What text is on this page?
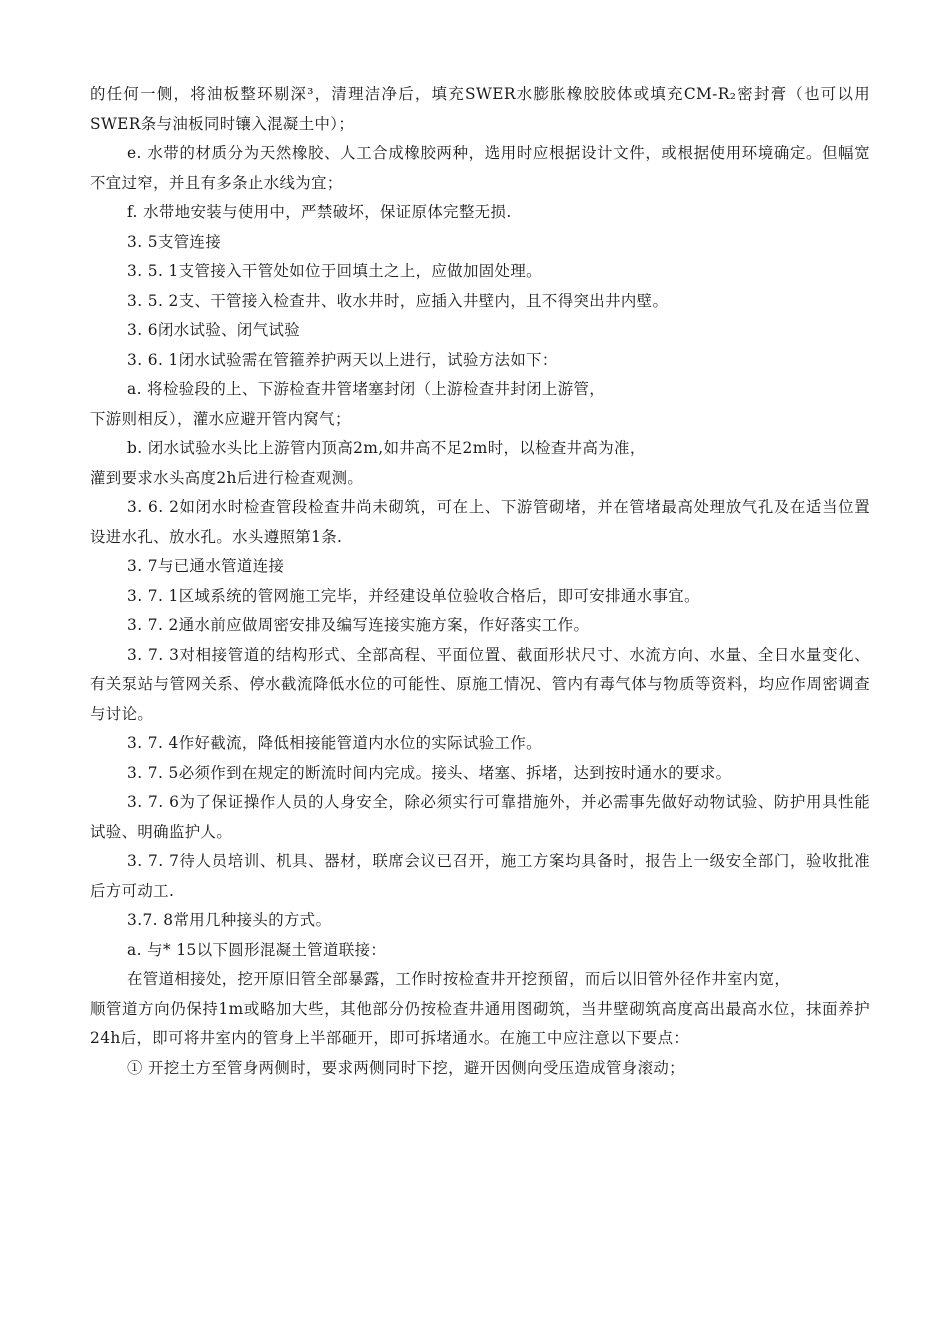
的任何一侧，将油板整环剔深³，清理洁净后，填充SWER水膨胀橡胶胶体或填充CM-R₂密封膏（也可以用SWER条与油板同时镶入混凝土中）；

e. 水带的材质分为天然橡胶、人工合成橡胶两种，选用时应根据设计文件，或根据使用环境确定。但幅宽不宜过窄，并且有多条止水线为宜；

f. 水带地安装与使用中，严禁破坏，保证原体完整无损.

3. 5支管连接

3. 5. 1支管接入干管处如位于回填土之上，应做加固处理。

3. 5. 2支、干管接入检查井、收水井时，应插入井壁内，且不得突出井内壁。

3. 6闭水试验、闭气试验

3. 6. 1闭水试验需在管箍养护两天以上进行，试验方法如下：

a. 将检验段的上、下游检查井管堵塞封闭（上游检查井封闭上游管，

下游则相反），灌水应避开管内窝气；

b. 闭水试验水头比上游管内顶高2m,如井高不足2m时，以检查井高为准，

灌到要求水头高度2h后进行检查观测。

3. 6. 2如闭水时检查管段检查井尚未砌筑，可在上、下游管砌堵，并在管堵最高处理放气孔及在适当位置设进水孔、放水孔。水头遵照第1条.

3. 7与已通水管道连接

3. 7. 1区域系统的管网施工完毕，并经建设单位验收合格后，即可安排通水事宜。

3. 7. 2通水前应做周密安排及编写连接实施方案，作好落实工作。

3. 7. 3对相接管道的结构形式、全部高程、平面位置、截面形状尺寸、水流方向、水量、全日水量变化、有关泵站与管网关系、停水截流降低水位的可能性、原施工情况、管内有毒气体与物质等资料，均应作周密调查与讨论。

3. 7. 4作好截流，降低相接能管道内水位的实际试验工作。

3. 7. 5必须作到在规定的断流时间内完成。接头、堵塞、拆堵，达到按时通水的要求。

3. 7. 6为了保证操作人员的人身安全，除必须实行可靠措施外，并必需事先做好动物试验、防护用具性能试验、明确监护人。

3. 7. 7待人员培训、机具、器材，联席会议已召开，施工方案均具备时，报告上一级安全部门，验收批准后方可动工.

3.7. 8常用几种接头的方式。

a. 与* 15以下圆形混凝土管道联接：

在管道相接处，挖开原旧管全部暴露，工作时按检查井开挖预留，而后以旧管外径作井室内宽，

顺管道方向仍保持1m或略加大些，其他部分仍按检查井通用图砌筑，当井壁砌筑高度高出最高水位，抹面养护24h后，即可将井室内的管身上半部砸开，即可拆堵通水。在施工中应注意以下要点：

① 开挖土方至管身两侧时，要求两侧同时下挖，避开因侧向受压造成管身滚动；
